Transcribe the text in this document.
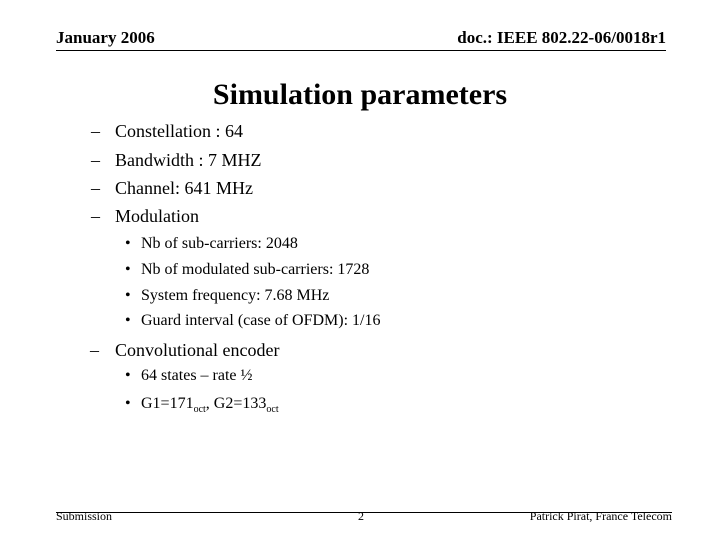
January 2006	doc.: IEEE 802.22-06/0018r1
Simulation parameters
– Constellation : 64
– Bandwidth : 7 MHZ
– Channel: 641 MHz
– Modulation
• Nb of sub-carriers: 2048
• Nb of modulated sub-carriers: 1728
• System frequency: 7.68 MHz
• Guard interval (case of OFDM): 1/16
– Convolutional encoder
• 64 states – rate ½
• $G1=171_{oct}$, $G2=133_{oct}$
Submission	2	Patrick Pirat, France Telecom
